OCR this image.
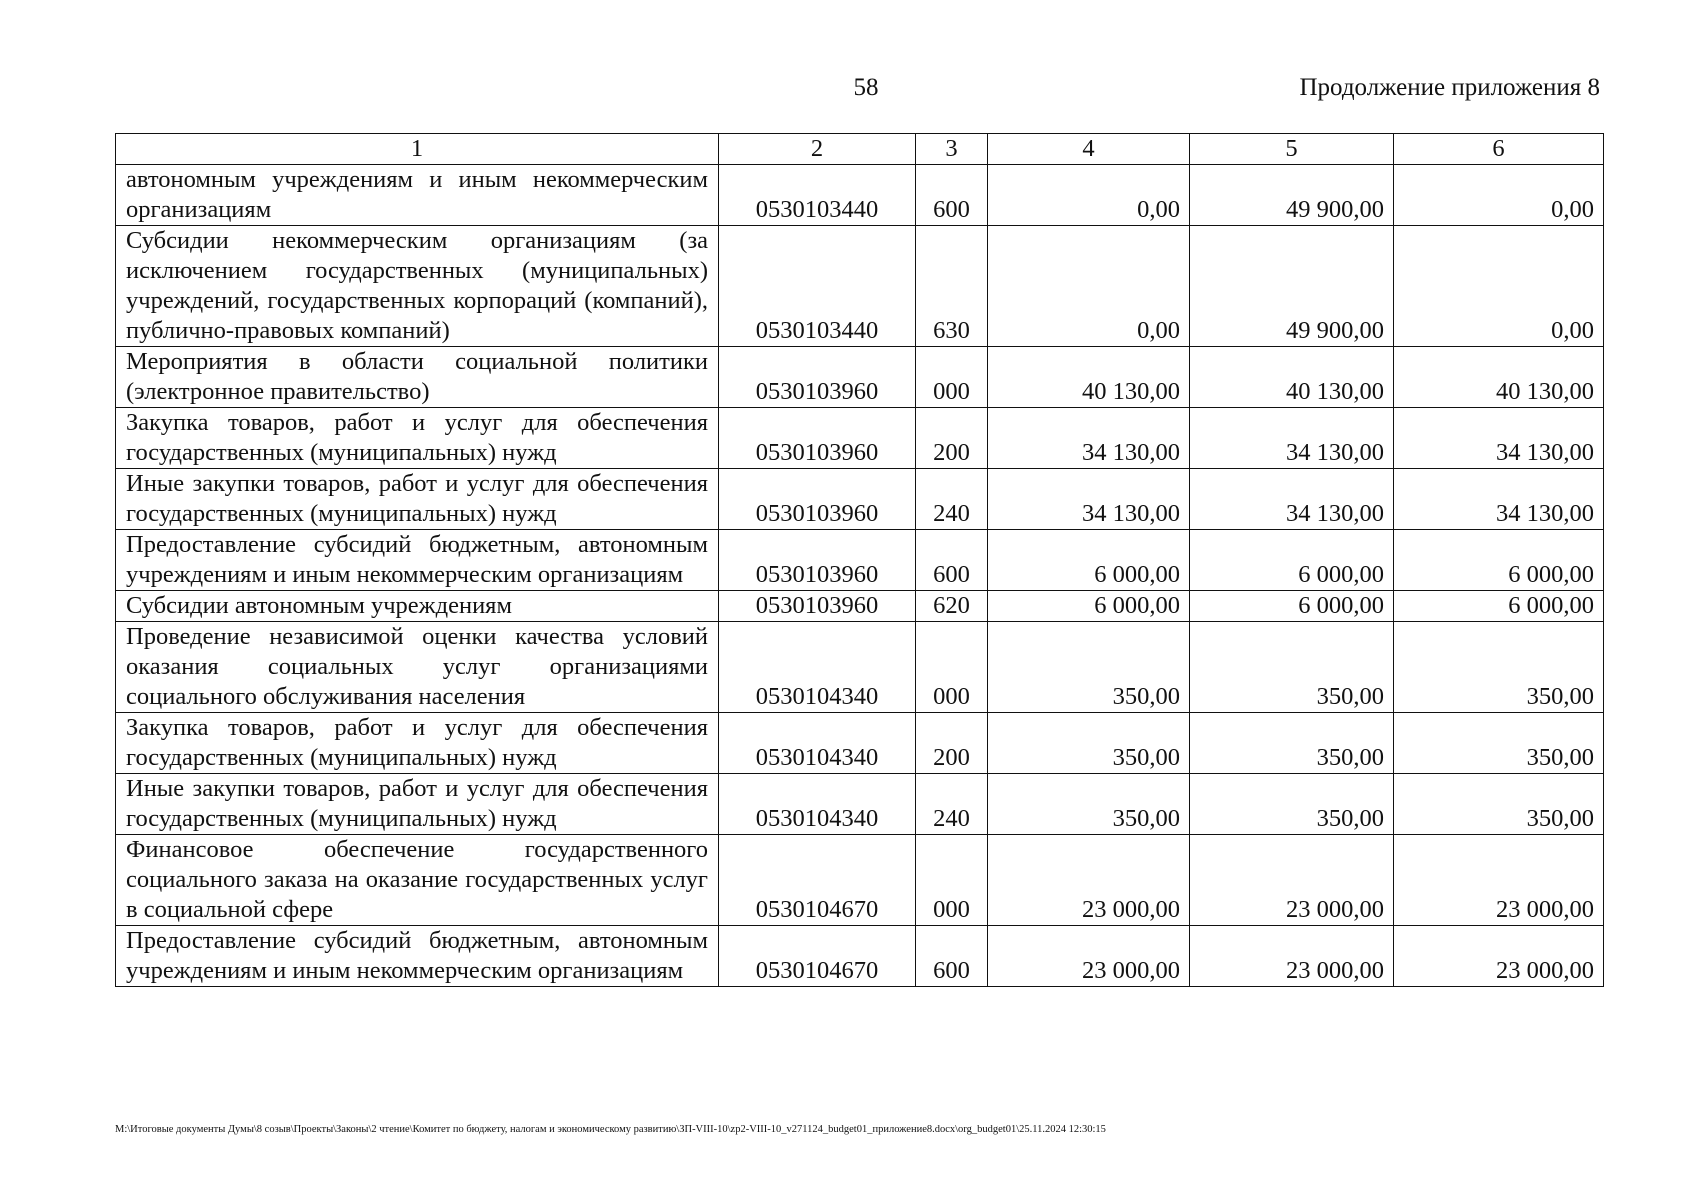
58	Продолжение приложения 8
1	2	3	4	5	6
автономным учреждениям и иным некоммерческим организациям	0530103440	600	0,00	49 900,00	0,00
Субсидии некоммерческим организациям (за исключением государственных (муниципальных) учреждений, государственных корпораций (компаний), публично-правовых компаний)	0530103440	630	0,00	49 900,00	0,00
Мероприятия в области социальной политики (электронное правительство)	0530103960	000	40 130,00	40 130,00	40 130,00
Закупка товаров, работ и услуг для обеспечения государственных (муниципальных) нужд	0530103960	200	34 130,00	34 130,00	34 130,00
Иные закупки товаров, работ и услуг для обеспечения государственных (муниципальных) нужд	0530103960	240	34 130,00	34 130,00	34 130,00
Предоставление субсидий бюджетным, автономным учреждениям и иным некоммерческим организациям	0530103960	600	6 000,00	6 000,00	6 000,00
Субсидии автономным учреждениям	0530103960	620	6 000,00	6 000,00	6 000,00
Проведение независимой оценки качества условий оказания социальных услуг организациями социального обслуживания населения	0530104340	000	350,00	350,00	350,00
Закупка товаров, работ и услуг для обеспечения государственных (муниципальных) нужд	0530104340	200	350,00	350,00	350,00
Иные закупки товаров, работ и услуг для обеспечения государственных (муниципальных) нужд	0530104340	240	350,00	350,00	350,00
Финансовое обеспечение государственного социального заказа на оказание государственных услуг в социальной сфере	0530104670	000	23 000,00	23 000,00	23 000,00
Предоставление субсидий бюджетным, автономным учреждениям и иным некоммерческим организациям	0530104670	600	23 000,00	23 000,00	23 000,00
М:\Итоговые документы Думы\8 созыв\Проекты\Законы\2 чтение\Комитет по бюджету, налогам и экономическому развитию\ЗП-VIII-10\zp2-VIII-10_v271124_budget01_приложение8.docx\org_budget01\25.11.2024 12:30:15
